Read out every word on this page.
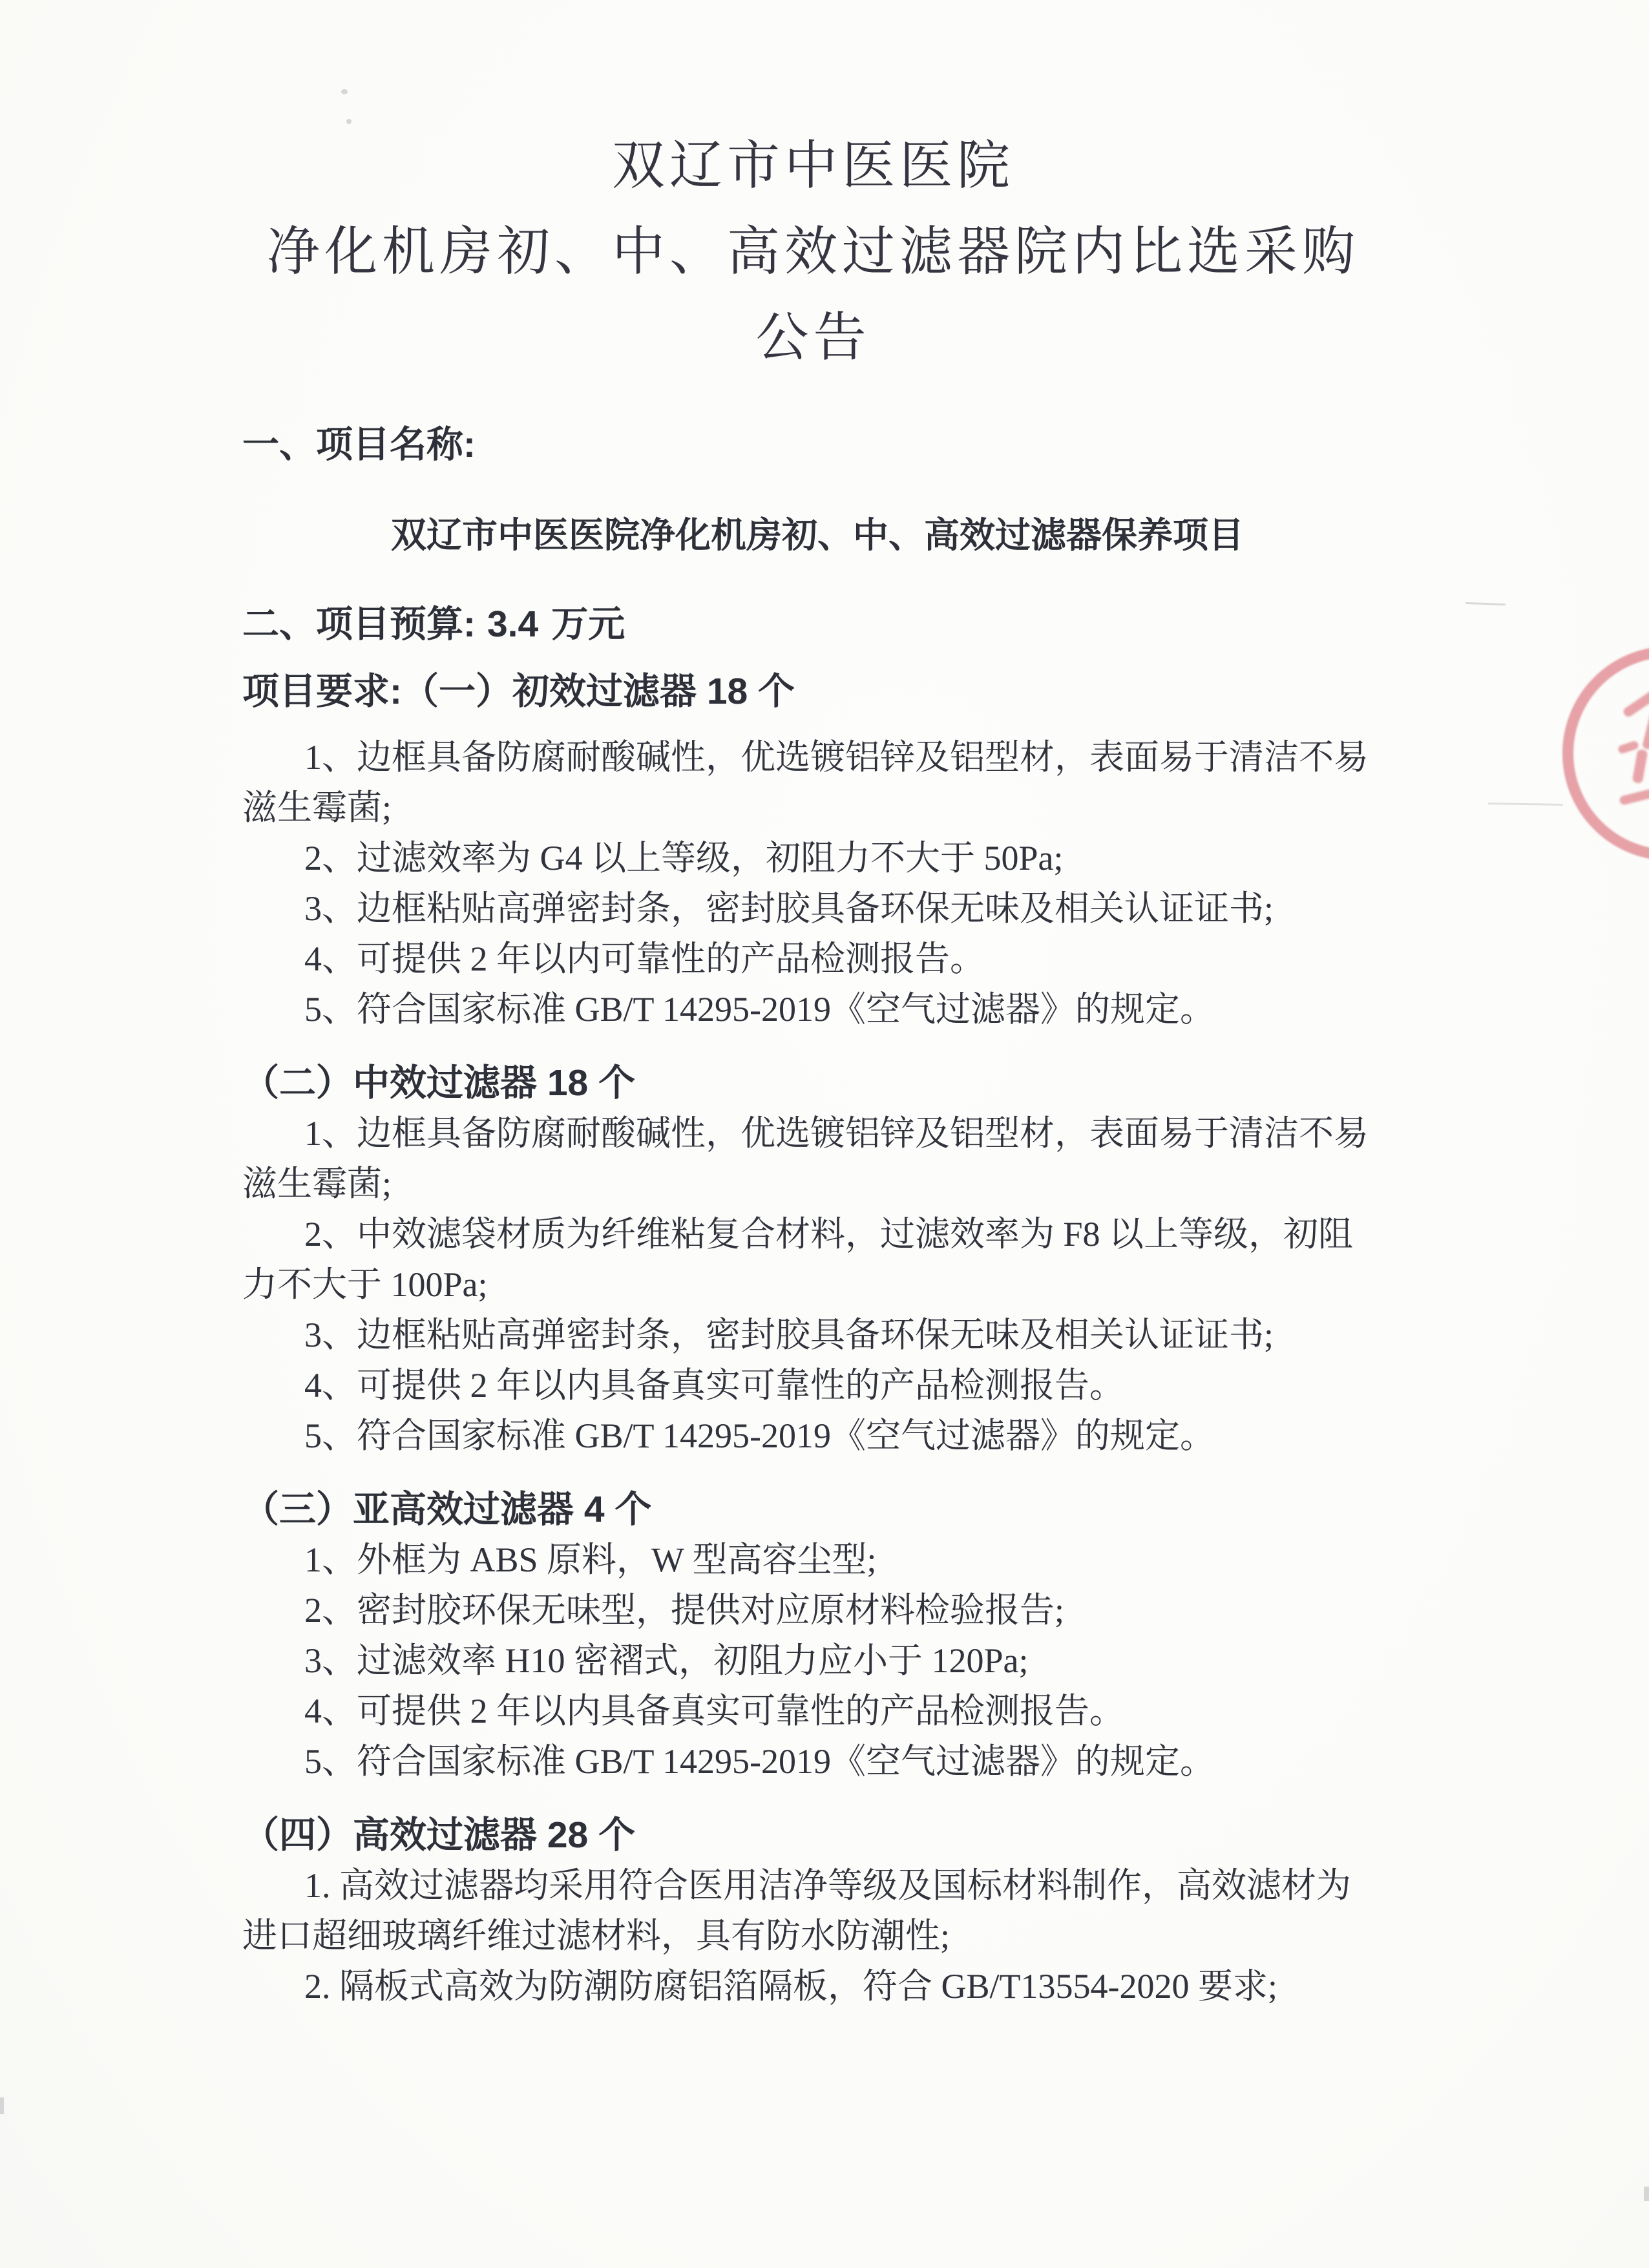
双辽市中医医院
净化机房初、中、高效过滤器院内比选采购
公告
一、项目名称:
双辽市中医医院净化机房初、中、高效过滤器保养项目
二、项目预算: 3.4 万元
项目要求:（一）初效过滤器 18 个

1、边框具备防腐耐酸碱性，优选镀铝锌及铝型材，表面易于清洁不易滋生霉菌;

2、过滤效率为 G4 以上等级，初阻力不大于 50Pa;

3、边框粘贴高弹密封条，密封胶具备环保无味及相关认证证书;

4、可提供 2 年以内可靠性的产品检测报告。

5、符合国家标准 GB/T 14295-2019《空气过滤器》的规定。

（二）中效过滤器 18 个

1、边框具备防腐耐酸碱性，优选镀铝锌及铝型材，表面易于清洁不易滋生霉菌;

2、中效滤袋材质为纤维粘复合材料，过滤效率为 F8 以上等级，初阻力不大于 100Pa;

3、边框粘贴高弹密封条，密封胶具备环保无味及相关认证证书;

4、可提供 2 年以内具备真实可靠性的产品检测报告。

5、符合国家标准 GB/T 14295-2019《空气过滤器》的规定。

（三）亚高效过滤器 4 个

1、外框为 ABS 原料，W 型高容尘型;

2、密封胶环保无味型，提供对应原材料检验报告;

3、过滤效率 H10 密褶式，初阻力应小于 120Pa;

4、可提供 2 年以内具备真实可靠性的产品检测报告。

5、符合国家标准 GB/T 14295-2019《空气过滤器》的规定。

（四）高效过滤器 28 个

1. 高效过滤器均采用符合医用洁净等级及国标材料制作，高效滤材为进口超细玻璃纤维过滤材料，具有防水防潮性;

2. 隔板式高效为防潮防腐铝箔隔板，符合 GB/T13554-2020 要求;
